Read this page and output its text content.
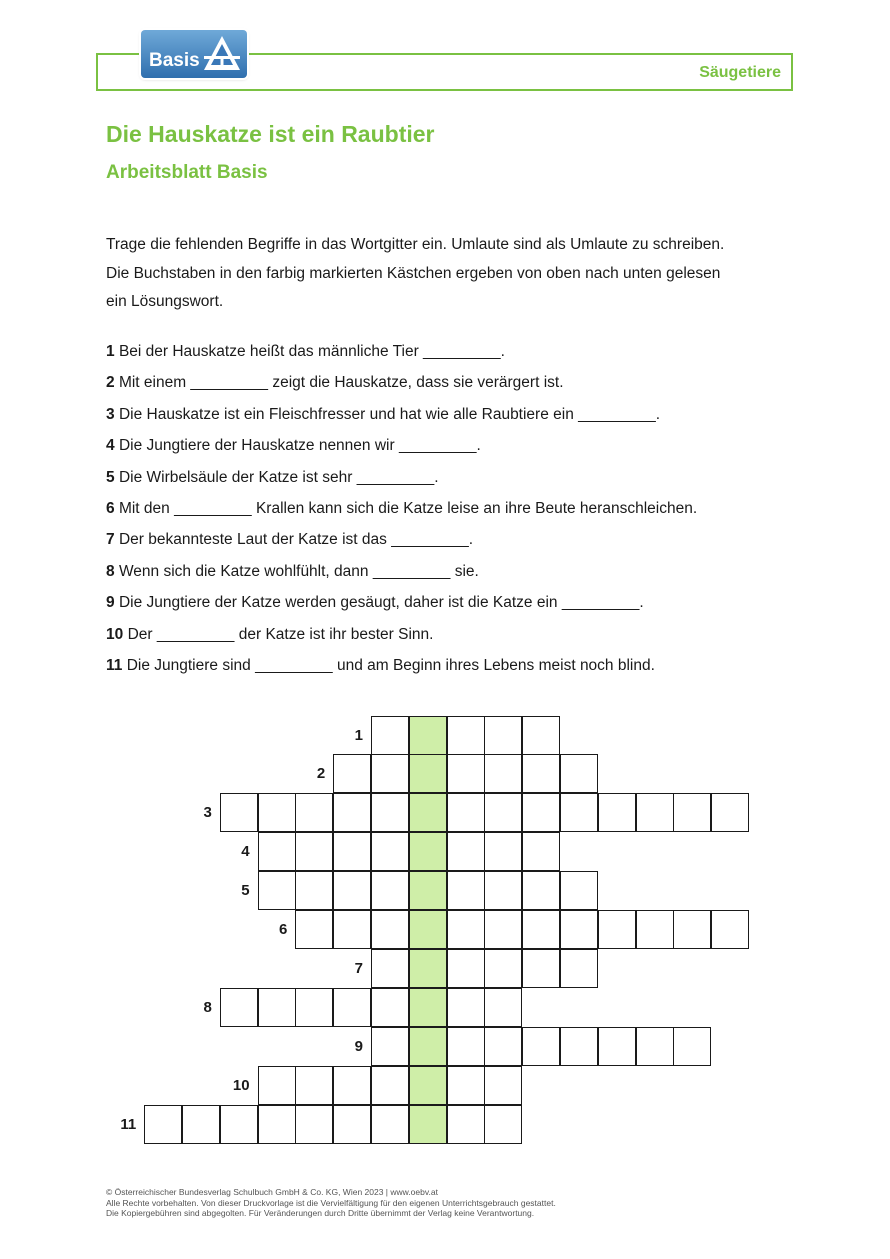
Säugetiere
Basis
Die Hauskatze ist ein Raubtier
Arbeitsblatt Basis
Trage die fehlenden Begriffe in das Wortgitter ein. Umlaute sind als Umlaute zu schreiben.
Die Buchstaben in den farbig markierten Kästchen ergeben von oben nach unten gelesen
ein Lösungswort.
1 Bei der Hauskatze heißt das männliche Tier _________.
2 Mit einem _________ zeigt die Hauskatze, dass sie verärgert ist.
3 Die Hauskatze ist ein Fleischfresser und hat wie alle Raubtiere ein _________.
4 Die Jungtiere der Hauskatze nennen wir _________.
5 Die Wirbelsäule der Katze ist sehr _________.
6 Mit den _________ Krallen kann sich die Katze leise an ihre Beute heranschleichen.
7 Der bekannteste Laut der Katze ist das _________.
8 Wenn sich die Katze wohlfühlt, dann _________ sie.
9 Die Jungtiere der Katze werden gesäugt, daher ist die Katze ein _________.
10 Der _________ der Katze ist ihr bester Sinn.
11 Die Jungtiere sind _________ und am Beginn ihres Lebens meist noch blind.
1
2
3
4
5
6
7
8
9
10
11
© Österreichischer Bundesverlag Schulbuch GmbH & Co. KG, Wien 2023 | www.oebv.at
Alle Rechte vorbehalten. Von dieser Druckvorlage ist die Vervielfältigung für den eigenen Unterrichtsgebrauch gestattet.
Die Kopiergebühren sind abgegolten. Für Veränderungen durch Dritte übernimmt der Verlag keine Verantwortung.
